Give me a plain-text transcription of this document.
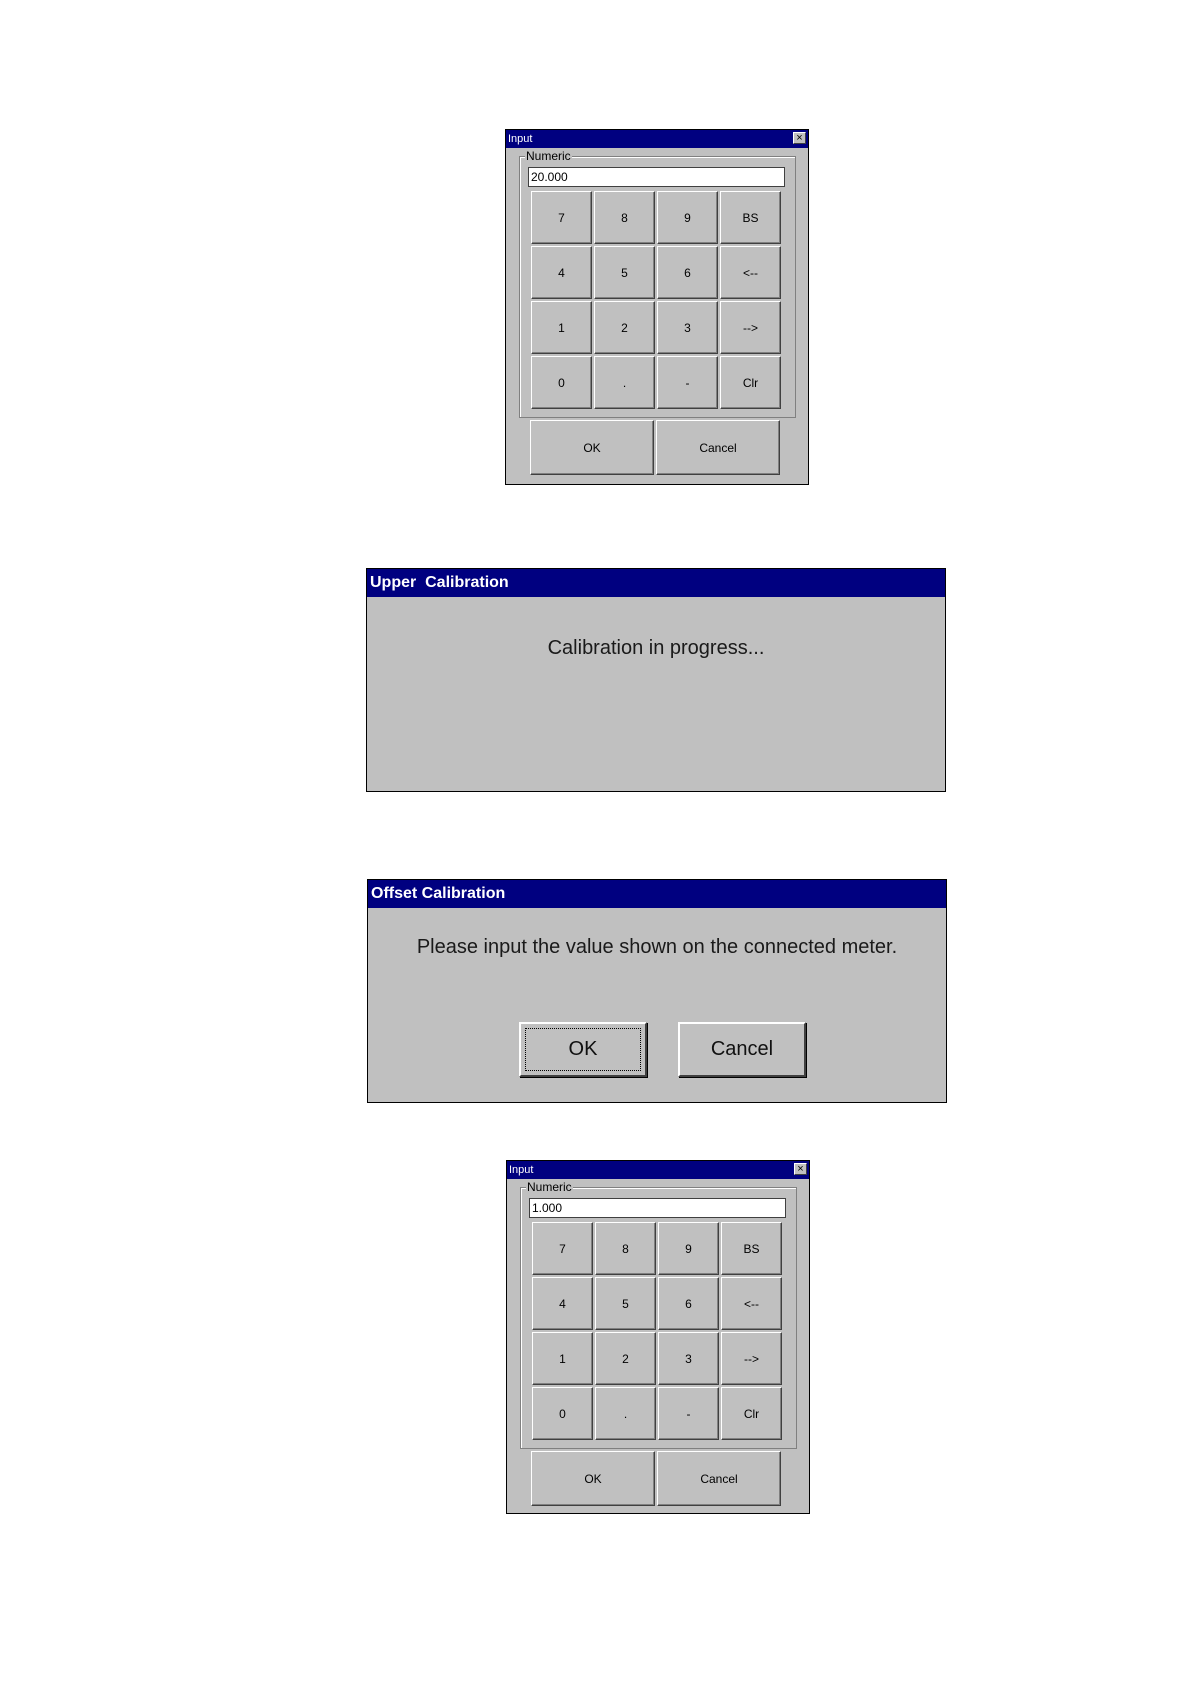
Input	×
Numeric
20.000
7	8	9	BS
4	5	6	<--
1	2	3	-->
0	.	-	Clr
OK	Cancel
Upper  Calibration
Calibration in progress...
Offset Calibration
Please input the value shown on the connected meter.
OK	Cancel
Input	×
Numeric
1.000
7	8	9	BS
4	5	6	<--
1	2	3	-->
0	.	-	Clr
OK	Cancel
